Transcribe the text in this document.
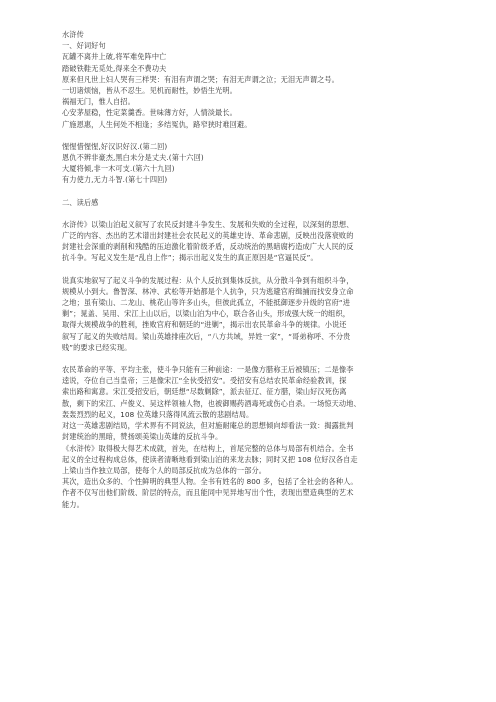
水浒传
一、好词好句
瓦罐不离井上破,将军难免阵中亡
踏破铁鞋无觅处,得来全不费功夫
原来但凡世上妇人哭有三样哭：有泪有声谓之哭；有泪无声谓之泣；无泪无声谓之号。
一切诸烦恼，皆从不忍生。见机而耐性，妙悟生光明。
祸福无门，惟人自招。
心安茅屋稳，性定菜羹香。世味薄方好，人情淡最长。
广施恩惠，人生何处不相逢；多结冤仇，路窄狭时难回避。
惺惺惜惺惺,好汉识好汉.(第二回)
恩仇不辨非豪杰,黑白未分是丈夫.(第十六回)
大厦将倾,非一木可支.(第六十九回)
有力使力,无力斗智.(第七十四回)
二、读后感
水浒传》以梁山泊起义叙写了农民反封建斗争发生、发展和失败的全过程，以深刻的思想、
广泛的内容、杰出的艺术谱出封建社会农民起义的英雄史诗、革命悲剧，反映出没落衰败的
封建社会深重的剥削和残酷的压迫激化着阶级矛盾，反动统治的黑暗腐朽造成广大人民的反
抗斗争。写起义发生是“乱自上作”；揭示出起义发生的真正原因是“官逼民反”。
说真实地叙写了起义斗争的发展过程：从个人反抗到集体反抗，从分散斗争到有组织斗争，
规模从小到大。鲁智深、林冲、武松等开始都是个人抗争，只为逃避官府缉捕而找安身立命
之地；虽有梁山、二龙山、桃花山等许多山头，但彼此孤立，不能抵御逐步升级的官府“进
剿”；晁盖、吴用、宋江上山以后，以梁山泊为中心，联合各山头，形成强大统一的组织，
取得大规模战争的胜利，挫败官府和朝廷的“进剿”，揭示出农民革命斗争的规律。小说还
叙写了起义的失败结局。梁山英雄排座次后，“八方共域，异姓一家”，“哥弟称呼、不分贵
贱”的要求已经实现。
农民革命的平等、平均主张，使斗争只能有三种前途：一是像方腊称王后被镇压；二是像李
逵说，夺位自己当皇帝；三是像宋江“全伙受招安”。受招安有总结农民革命经验教训，探
索出路和寓意。宋江受招安后，朝廷想“尽数剿除”，派去征辽、征方腊，梁山好汉死伤离
散，剩下的宋江、卢俊义、吴这样领袖人物，也被御赐药酒毒死或伤心自杀。一场惊天动地、
轰轰烈烈的起义，108 位英雄只落得风流云散的悲剧结局。
对这一英雄悲剧结局，学术界有不同说法，但对施耐庵总的思想倾向却看法一致：揭露批判
封建统治的黑暗，赞扬颂美梁山英雄的反抗斗争。
《水浒传》取得极大得艺术成就，首先，在结构上，首尾完整的总体与局部有机结合。全书
起义的全过程构成总体，使读者清晰地看到梁山泊的来龙去脉；同时又把 108 位好汉各自走
上梁山当作独立局部，使每个人的局部反抗成为总体的一部分。
其次，造出众多的、个性鲜明的典型人物。全书有姓名的 800 多，包括了全社会的各种人。
作者不仅写出他们阶级、阶层的特点，而且能同中见异地写出个性，表现出塑造典型的艺术
能力。
